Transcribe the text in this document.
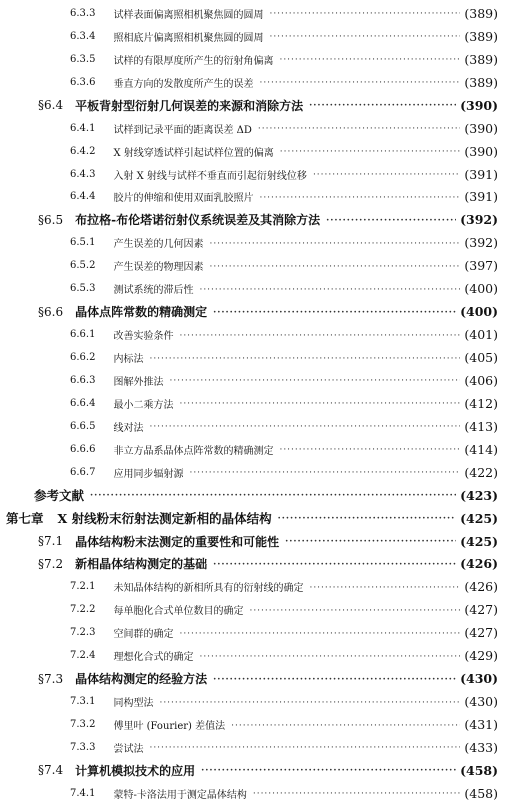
6.3.3 试样表面偏离照相机聚焦圆的圆周 ·····	(389)
6.3.4 照相底片偏离照相机聚焦圆的圆周 ·····	(389)
6.3.5 试样的有限厚度所产生的衍射角偏离 ·····	(389)
6.3.6 垂直方向的发散度所产生的误差 ·····	(389)
§6.4 平板背射型衍射几何误差的来源和消除方法 ·····	(390)
6.4.1 试样到记录平面的距离误差 ΔD ·····	(390)
6.4.2 X 射线穿透试样引起试样位置的偏离 ·····	(390)
6.4.3 入射 X 射线与试样不垂直而引起衍射线位移 ·····	(391)
6.4.4 胶片的伸缩和使用双面乳胶照片 ·····	(391)
§6.5 布拉格-布伦塔诺衍射仪系统误差及其消除方法 ·····	(392)
6.5.1 产生误差的几何因素 ·····	(392)
6.5.2 产生误差的物理因素 ·····	(397)
6.5.3 测试系统的滞后性 ·····	(400)
§6.6 晶体点阵常数的精确测定 ·····	(400)
6.6.1 改善实验条件 ·····	(401)
6.6.2 内标法 ·····	(405)
6.6.3 图解外推法 ·····	(406)
6.6.4 最小二乘方法 ·····	(412)
6.6.5 线对法 ·····	(413)
6.6.6 非立方晶系晶体点阵常数的精确测定 ·····	(414)
6.6.7 应用同步辐射源 ·····	(422)
参考文献 ·····	(423)
第七章 X 射线粉末衍射法测定新相的晶体结构 ·····	(425)
§7.1 晶体结构粉末法测定的重要性和可能性 ·····	(425)
§7.2 新相晶体结构测定的基础 ·····	(426)
7.2.1 未知晶体结构的新相所具有的衍射线的确定 ·····	(426)
7.2.2 每单胞化合式单位数目的确定 ·····	(427)
7.2.3 空间群的确定 ·····	(427)
7.2.4 理想化合式的确定 ·····	(429)
§7.3 晶体结构测定的经验方法 ·····	(430)
7.3.1 同构型法 ·····	(430)
7.3.2 傅里叶 (Fourier) 差值法 ·····	(431)
7.3.3 尝试法 ·····	(433)
§7.4 计算机模拟技术的应用 ·····	(458)
7.4.1 蒙特-卡洛法用于测定晶体结构 ·····	(458)
